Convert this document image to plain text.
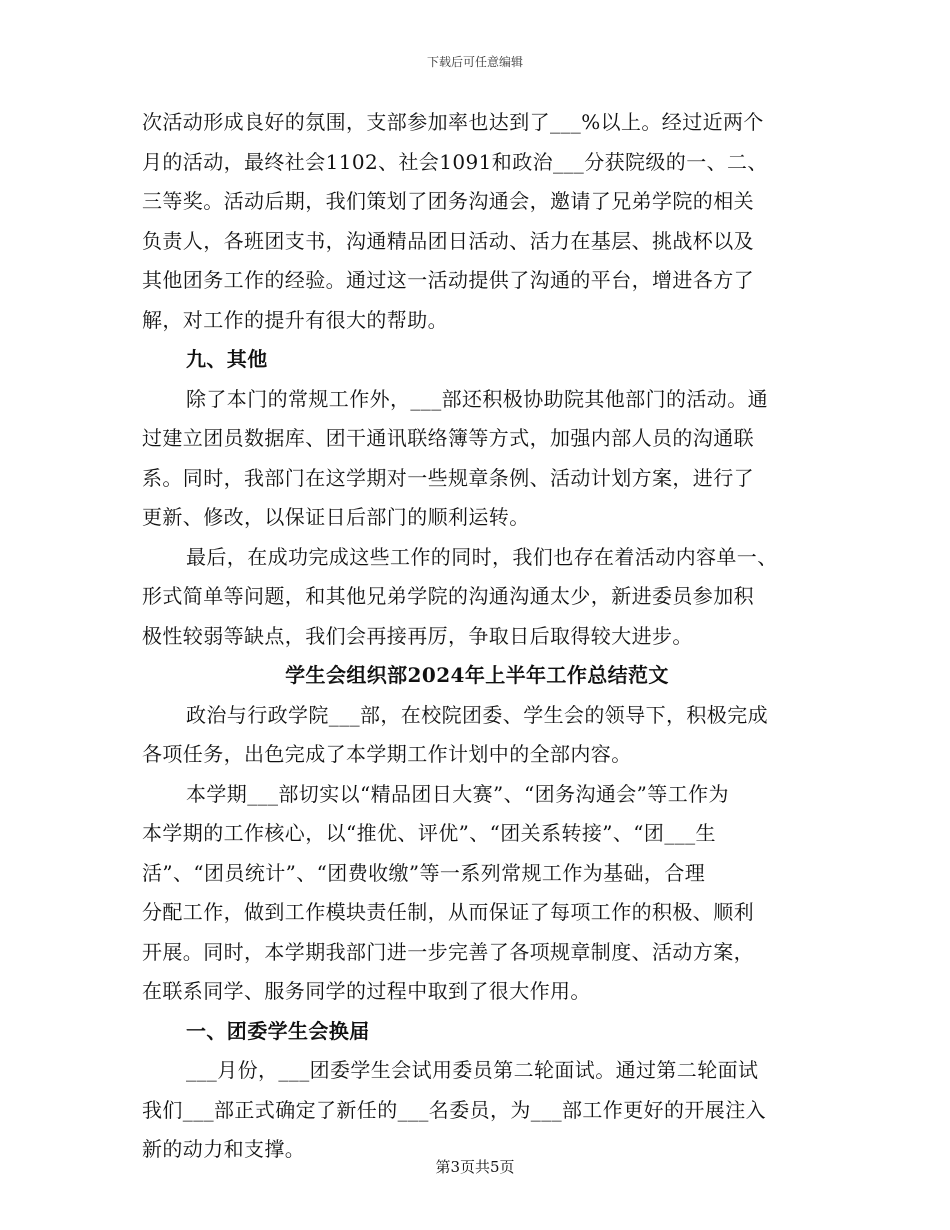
下载后可任意编辑
次活动形成良好的氛围，支部参加率也达到了___%以上。经过近两个
月的活动，最终社会1102、社会1091和政治___分获院级的一、二、
三等奖。活动后期，我们策划了团务沟通会，邀请了兄弟学院的相关
负责人，各班团支书，沟通精品团日活动、活力在基层、挑战杯以及
其他团务工作的经验。通过这一活动提供了沟通的平台，增进各方了
解，对工作的提升有很大的帮助。
九、其他
除了本门的常规工作外，___部还积极协助院其他部门的活动。通
过建立团员数据库、团干通讯联络簿等方式，加强内部人员的沟通联
系。同时，我部门在这学期对一些规章条例、活动计划方案，进行了
更新、修改，以保证日后部门的顺利运转。
最后，在成功完成这些工作的同时，我们也存在着活动内容单一、
形式简单等问题，和其他兄弟学院的沟通沟通太少，新进委员参加积
极性较弱等缺点，我们会再接再厉，争取日后取得较大进步。
学生会组织部2024年上半年工作总结范文
政治与行政学院___部，在校院团委、学生会的领导下，积极完成
各项任务，出色完成了本学期工作计划中的全部内容。
本学期___部切实以“精品团日大赛”、“团务沟通会”等工作为
本学期的工作核心，以“推优、评优”、“团关系转接”、“团___生
活”、“团员统计”、“团费收缴”等一系列常规工作为基础，合理
分配工作，做到工作模块责任制，从而保证了每项工作的积极、顺利
开展。同时，本学期我部门进一步完善了各项规章制度、活动方案，
在联系同学、服务同学的过程中取到了很大作用。
一、团委学生会换届
___月份，___团委学生会试用委员第二轮面试。通过第二轮面试
我们___部正式确定了新任的___名委员，为___部工作更好的开展注入
新的动力和支撑。
第3页共5页
